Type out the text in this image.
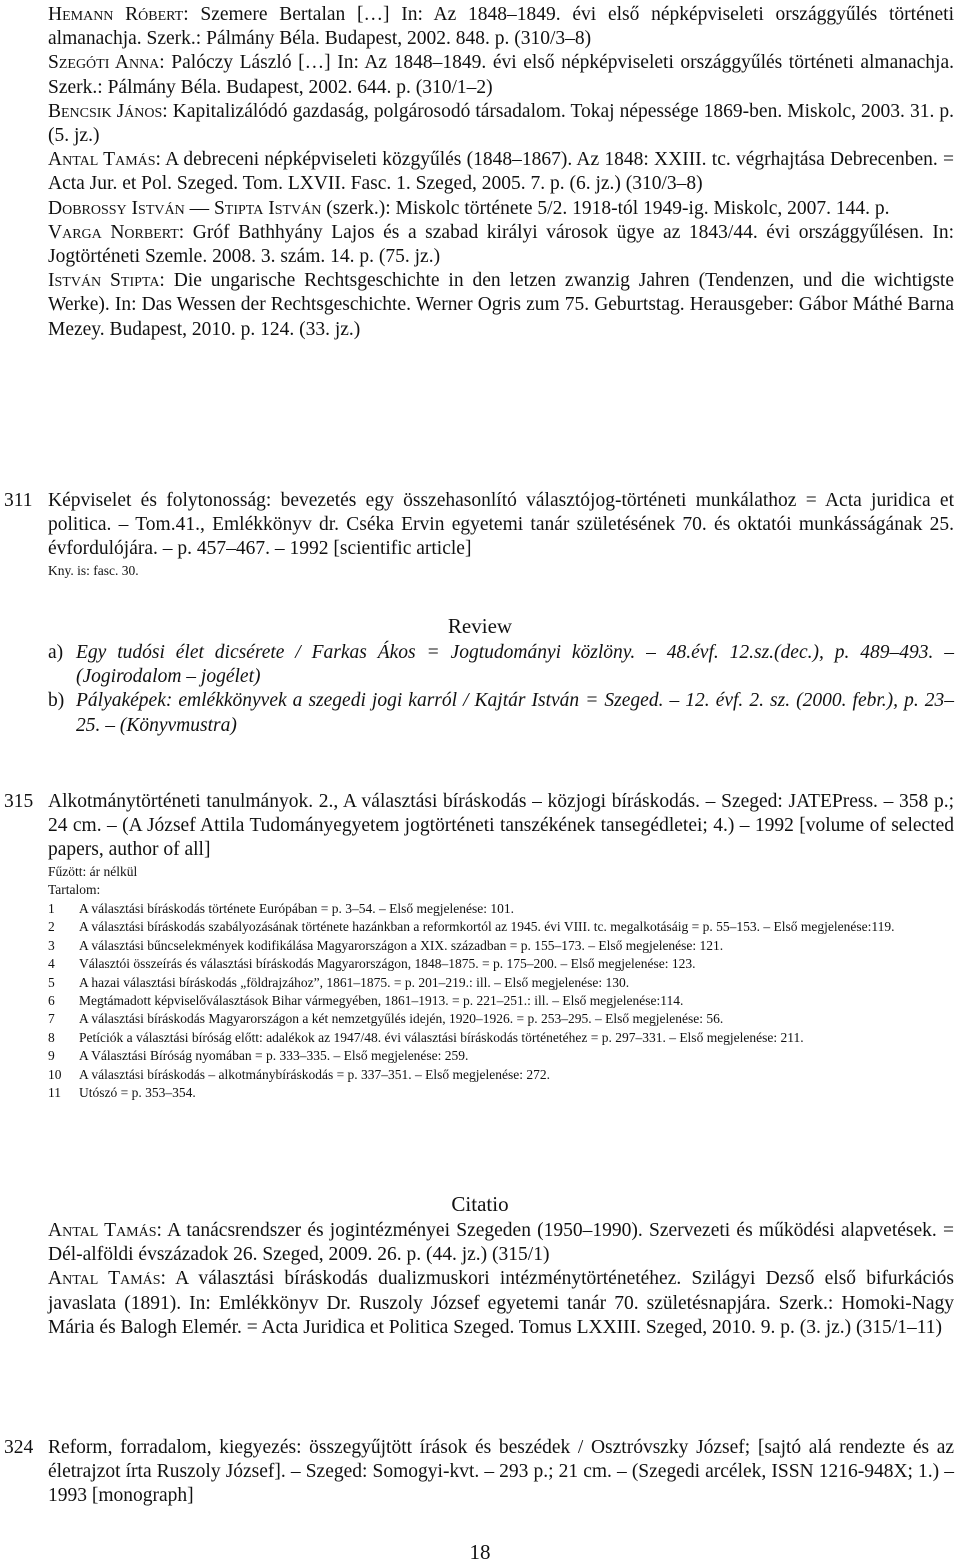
Hemann Róbert: Szemere Bertalan […] In: Az 1848–1849. évi első népképviseleti országgyűlés történeti almanachja. Szerk.: Pálmány Béla. Budapest, 2002. 848. p. (310/3–8)

Szegóti Anna: Palóczy László […] In: Az 1848–1849. évi első népképviseleti országgyűlés történeti almanachja. Szerk.: Pálmány Béla. Budapest, 2002. 644. p. (310/1–2)

Bencsik János: Kapitalizálódó gazdaság, polgárosodó társadalom. Tokaj népessége 1869-ben. Miskolc, 2003. 31. p. (5. jz.)

Antal Tamás: A debreceni népképviseleti közgyűlés (1848–1867). Az 1848: XXIII. tc. végrhajtása Debrecenben. = Acta Jur. et Pol. Szeged. Tom. LXVII. Fasc. 1. Szeged, 2005. 7. p. (6. jz.) (310/3–8)

Dobrossy István — Stipta István (szerk.): Miskolc története 5/2. 1918-tól 1949-ig. Miskolc, 2007. 144. p.

Varga Norbert: Gróf Bathhyány Lajos és a szabad királyi városok ügye az 1843/44. évi országgyűlésen. In: Jogtörténeti Szemle. 2008. 3. szám. 14. p. (75. jz.)

István Stipta: Die ungarische Rechtsgeschichte in den letzen zwanzig Jahren (Tendenzen, und die wichtigste Werke). In: Das Wessen der Rechtsgeschichte. Werner Ogris zum 75. Geburtstag. Herausgeber: Gábor Máthé Barna Mezey. Budapest, 2010. p. 124. (33. jz.)

311 Képviselet és folytonosság: bevezetés egy összehasonlító választójog-történeti munkálathoz = Acta juridica et politica. – Tom.41., Emlékkönyv dr. Cséka Ervin egyetemi tanár születésének 70. és oktatói munkásságának 25. évfordulójára. – p. 457–467. – 1992 [scientific article]
Kny. is: fasc. 30.
Review
a) Egy tudósi élet dicsérete / Farkas Ákos = Jogtudományi közlöny. – 48.évf. 12.sz.(dec.), p. 489–493. – (Jogirodalom – jogélet)
b) Pályaképek: emlékkönyvek a szegedi jogi karról / Kajtár István = Szeged. – 12. évf. 2. sz. (2000. febr.), p. 23–25. – (Könyvmustra)
315 Alkotmánytörténeti tanulmányok. 2., A választási bíráskodás – közjogi bíráskodás. – Szeged: JATEPress. – 358 p.; 24 cm. – (A József Attila Tudományegyetem jogtörténeti tanszékének tansegédletei; 4.) – 1992 [volume of selected papers, author of all]
Fűzött: ár nélkül
Tartalom:
1 A választási bíráskodás története Európában = p. 3–54. – Első megjelenése: 101.
2 A választási bíráskodás szabályozásának története hazánkban a reformkortól az 1945. évi VIII. tc. megalkotásáig = p. 55–153. – Első megjelenése:119.
3 A választási bűncselekmények kodifikálása Magyarországon a XIX. században = p. 155–173. – Első megjelenése: 121.
4 Választói összeírás és választási bíráskodás Magyarországon, 1848–1875. = p. 175–200. – Első megjelenése: 123.
5 A hazai választási bíráskodás „földrajzához”, 1861–1875. = p. 201–219.: ill. – Első megjelenése: 130.
6 Megtámadott képviselőválasztások Bihar vármegyében, 1861–1913. = p. 221–251.: ill. – Első megjelenése:114.
7 A választási bíráskodás Magyarországon a két nemzetgyűlés idején, 1920–1926. = p. 253–295. – Első megjelenése: 56.
8 Petíciók a választási bíróság előtt: adalékok az 1947/48. évi választási bíráskodás történetéhez = p. 297–331. – Első megjelenése: 211.
9 A Választási Bíróság nyomában = p. 333–335. – Első megjelenése: 259.
10 A választási bíráskodás – alkotmánybíráskodás = p. 337–351. – Első megjelenése: 272.
11 Utószó = p. 353–354.
Citatio

Antal Tamás: A tanácsrendszer és jogintézményei Szegeden (1950–1990). Szervezeti és működési alapvetések. = Dél-alföldi évszázadok 26. Szeged, 2009. 26. p. (44. jz.) (315/1)

Antal Tamás: A választási bíráskodás dualizmuskori intézménytörténetéhez. Szilágyi Dezső első bifurkációs javaslata (1891). In: Emlékkönyv Dr. Ruszoly József egyetemi tanár 70. születésnapjára. Szerk.: Homoki-Nagy Mária és Balogh Elemér. = Acta Juridica et Politica Szeged. Tomus LXXIII. Szeged, 2010. 9. p. (3. jz.) (315/1–11)

324 Reform, forradalom, kiegyezés: összegyűjtött írások és beszédek / Osztróvszky József; [sajtó alá rendezte és az életrajzot írta Ruszoly József]. – Szeged: Somogyi-kvt. – 293 p.; 21 cm. – (Szegedi arcélek, ISSN 1216-948X; 1.) – 1993 [monograph]
18
